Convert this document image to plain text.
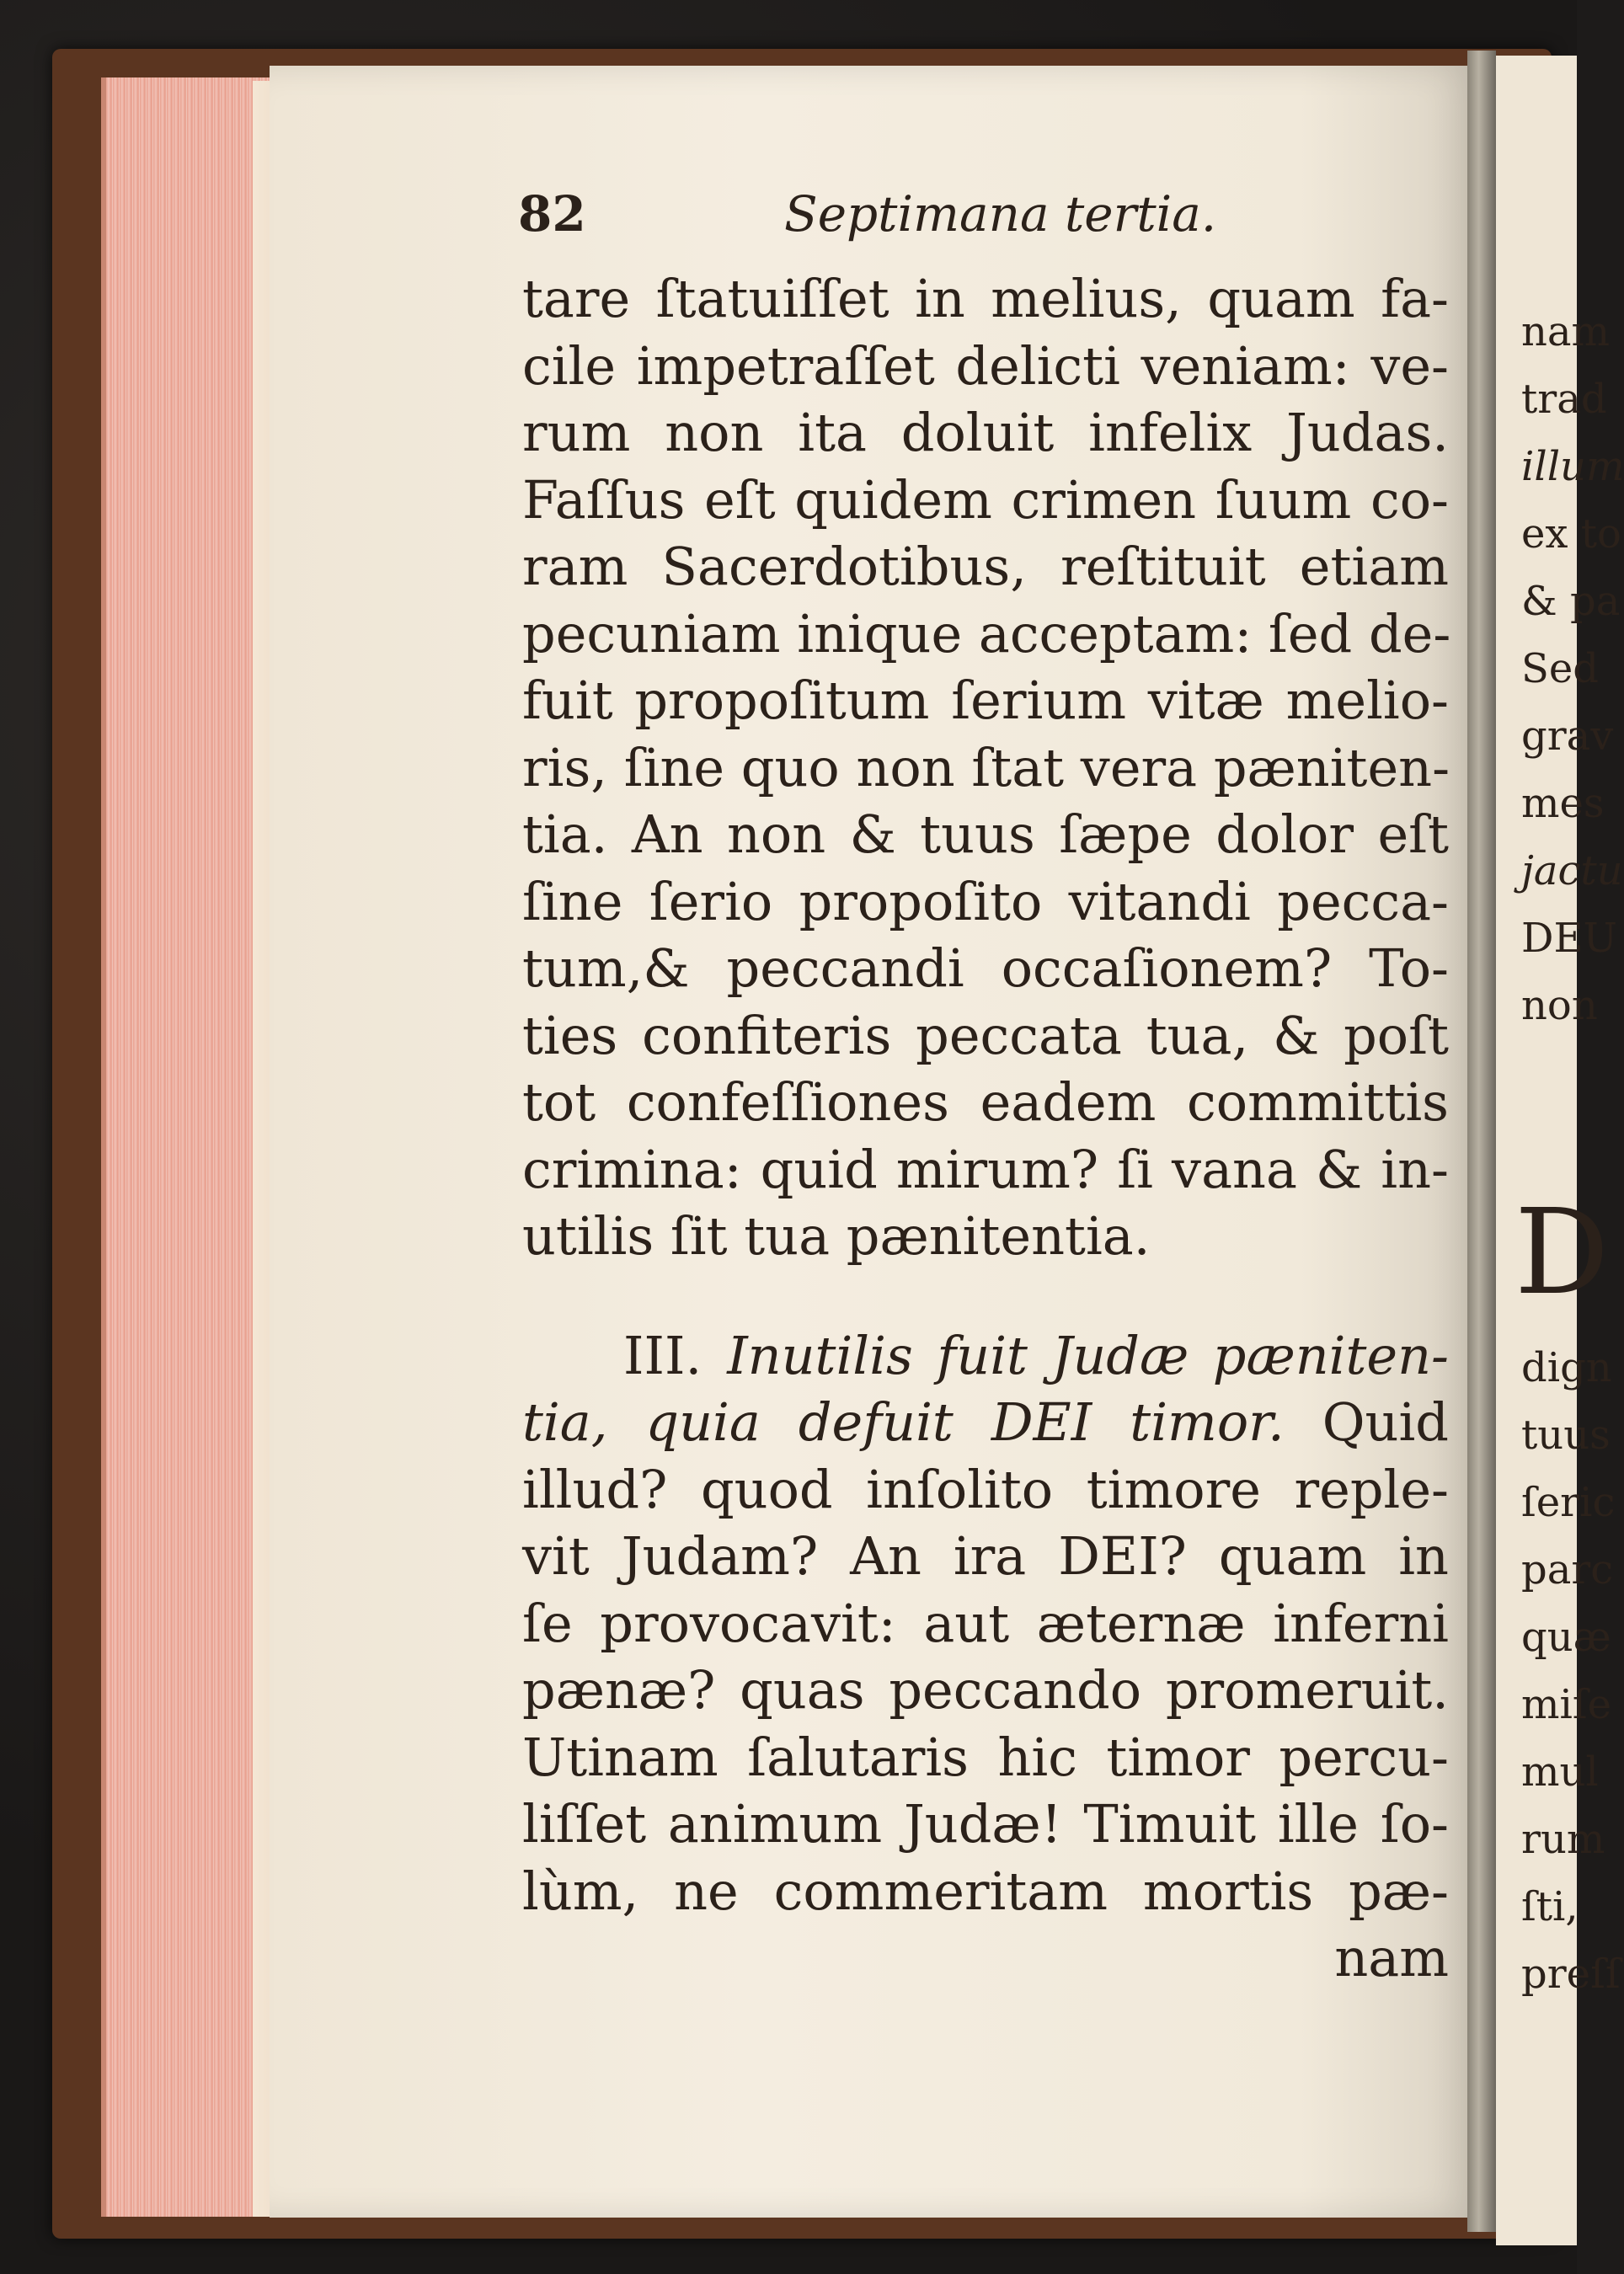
nam
trad
illum
ex to
& pa
Sed
grav
mes
jactu
DEU
non
D
dign
tuus
ſeric
parc
quæ
miſe
mul
rum
ſti,
preſſ
82	Septimana tertia.
tare ſtatuiſſet in melius, quam fa-
cile impetraſſet delicti veniam: ve-
rum non ita doluit infelix Judas.
Faſſus eſt quidem crimen ſuum co-
ram Sacerdotibus, reſtituit etiam
pecuniam inique acceptam: ſed de-
fuit propoſitum ſerium vitæ melio-
ris, ſine quo non ſtat vera pæniten-
tia. An non & tuus ſæpe dolor eſt
ſine ſerio propoſito vitandi pecca-
tum,& peccandi occaſionem? To-
ties confiteris peccata tua, & poſt
tot confeſſiones eadem committis
crimina: quid mirum? ſi vana & in-
utilis ſit tua pænitentia.
III. Inutilis fuit Judæ pæniten-
tia, quia defuit DEI timor. Quid
illud? quod inſolito timore reple-
vit Judam? An ira DEI? quam in
ſe provocavit: aut æternæ inferni
pænæ? quas peccando promeruit.
Utinam ſalutaris hic timor percu-
liſſet animum Judæ! Timuit ille ſo-
lùm, ne commeritam mortis pæ-
nam
